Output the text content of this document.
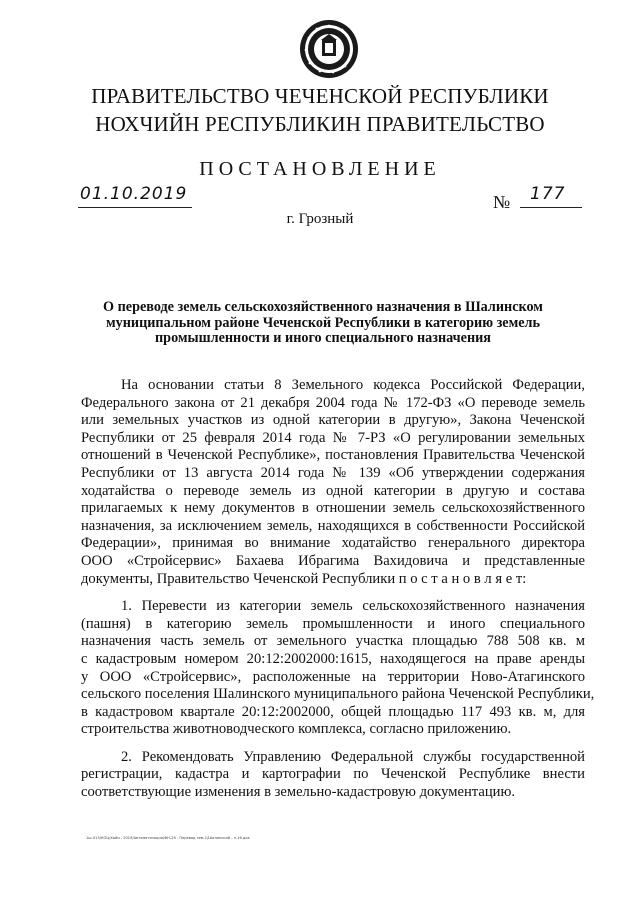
ПРАВИТЕЛЬСТВО ЧЕЧЕНСКОЙ РЕСПУБЛИКИ
НОХЧИЙН РЕСПУБЛИКИН ПРАВИТЕЛЬСТВО
ПОСТАНОВЛЕНИЕ
01.10.2019	№ 177
г. Грозный
О переводе земель сельскохозяйственного назначения в Шалинском
муниципальном районе Чеченской Республики в категорию земель
промышленности и иного специального назначения
На основании статьи 8 Земельного кодекса Российской Федерации,
Федерального закона от 21 декабря 2004 года № 172-ФЗ «О переводе земель
или земельных участков из одной категории в другую», Закона Чеченской
Республики от 25 февраля 2014 года № 7-РЗ «О регулировании земельных
отношений в Чеченской Республике», постановления Правительства Чеченской
Республики от 13 августа 2014 года № 139 «Об утверждении содержания
ходатайства о переводе земель из одной категории в другую и состава
прилагаемых к нему документов в отношении земель сельскохозяйственного
назначения, за исключением земель, находящихся в собственности Российской
Федерации», принимая во внимание ходатайство генерального директора
ООО «Стройсервис» Бахаева Ибрагима Вахидовича и представленные
документы, Правительство Чеченской Республики п о с т а н о в л я е т:
1. Перевести из категории земель сельскохозяйственного назначения
(пашня) в категорию земель промышленности и иного специального
назначения часть земель от земельного участка площадью 788 508 кв. м
с кадастровым номером 20:12:2002000:1615, находящегося на праве аренды
у ООО «Стройсервис», расположенные на территории Ново-Атагинского
сельского поселения Шалинского муниципального района Чеченской Республики,
в кадастровом квартале 20:12:2002000, общей площадью 117 493 кв. м, для
строительства животноводческого комплекса, согласно приложению.
2. Рекомендовать Управлению Федеральной службы государственной
регистрации, кадастра и картографии по Чеченской Республике внести
соответствующие изменения в земельно-кадастровую документацию.
1ш-015/КОЦ/Хайи - 2019/Автоматизация/ФН-26 - Перевод зем-1/Шалинский - н.16.док
